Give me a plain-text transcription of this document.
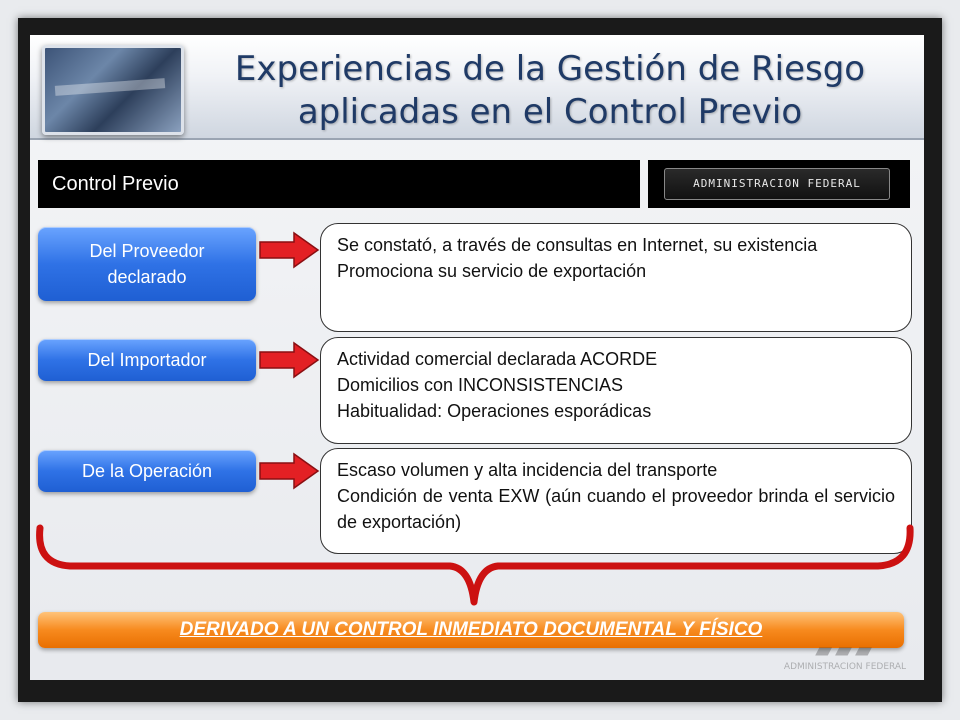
Experiencias de la Gestión de Riesgo
aplicadas en el Control Previo
Control Previo	ADMINISTRACION FEDERAL
Del Proveedor declarado

Se constató, a través de consultas en Internet, su existencia

Promociona su servicio de exportación

Del Importador	Actividad comercial declarada ACORDE

Domicilios con INCONSISTENCIAS

Habitualidad: Operaciones esporádicas

De la Operación	Escaso volumen y alta incidencia del transporte

Condición de venta EXW (aún cuando el proveedor brinda el servicio de exportación)

DERIVADO A UN CONTROL INMEDIATO DOCUMENTAL Y FÍSICO
▰▰▰
ADMINISTRACION FEDERAL
